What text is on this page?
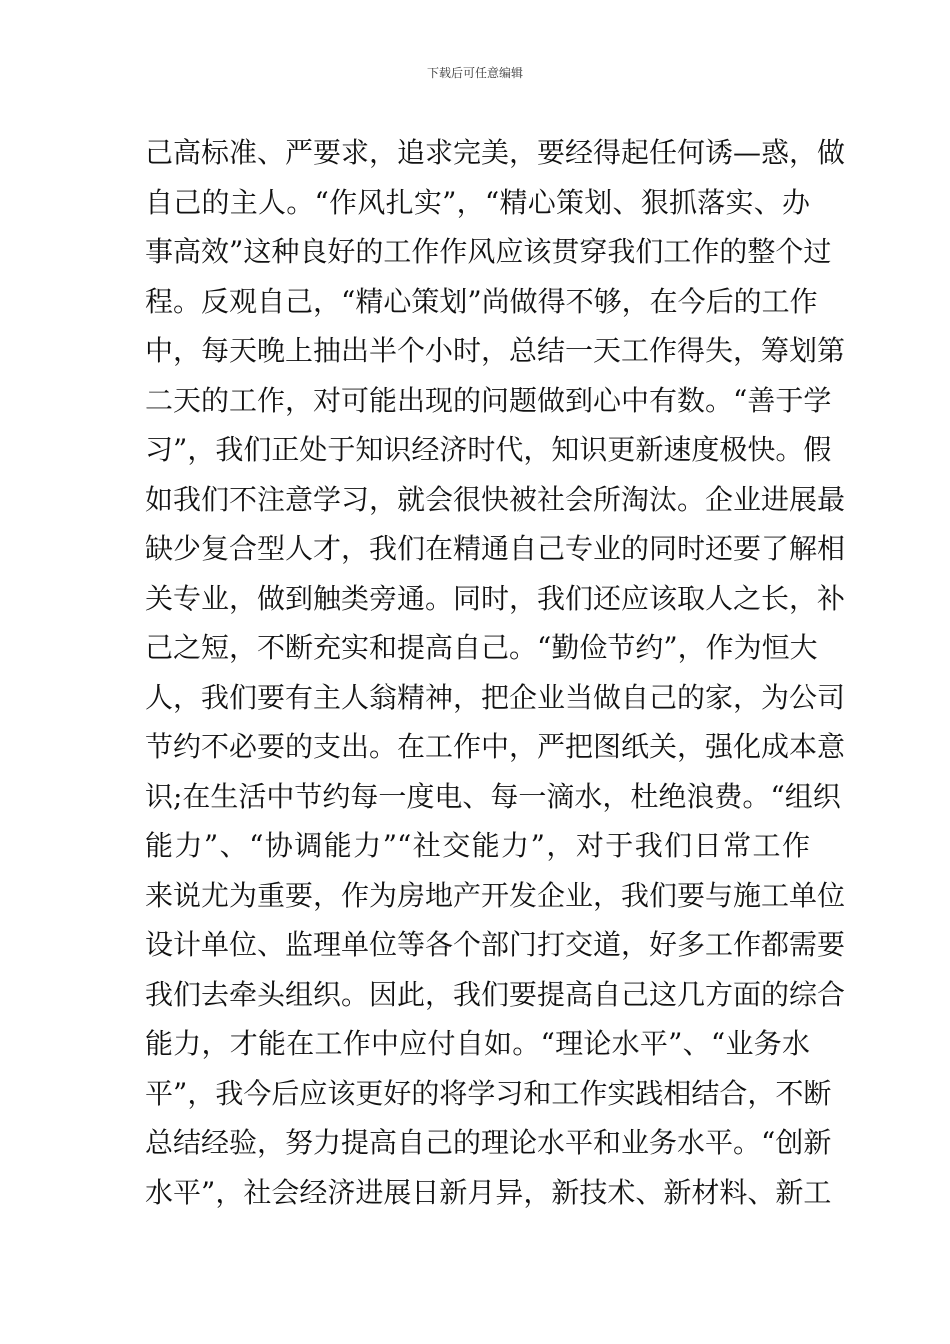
下载后可任意编辑
己高标准、严要求，追求完美，要经得起任何诱—惑，做
自己的主人。“作风扎实”，“精心策划、狠抓落实、办
事高效”这种良好的工作作风应该贯穿我们工作的整个过
程。反观自己，“精心策划”尚做得不够，在今后的工作
中，每天晚上抽出半个小时，总结一天工作得失，筹划第
二天的工作，对可能出现的问题做到心中有数。“善于学
习”，我们正处于知识经济时代，知识更新速度极快。假
如我们不注意学习，就会很快被社会所淘汰。企业进展最
缺少复合型人才，我们在精通自己专业的同时还要了解相
关专业，做到触类旁通。同时，我们还应该取人之长，补
己之短，不断充实和提高自己。“勤俭节约”，作为恒大
人，我们要有主人翁精神，把企业当做自己的家，为公司
节约不必要的支出。在工作中，严把图纸关，强化成本意
识;在生活中节约每一度电、每一滴水，杜绝浪费。“组织
能力”、“协调能力”“社交能力”，对于我们日常工作
来说尤为重要，作为房地产开发企业，我们要与施工单位
设计单位、监理单位等各个部门打交道，好多工作都需要
我们去牵头组织。因此，我们要提高自己这几方面的综合
能力，才能在工作中应付自如。“理论水平”、“业务水
平”，我今后应该更好的将学习和工作实践相结合，不断
总结经验，努力提高自己的理论水平和业务水平。“创新
水平”，社会经济进展日新月异，新技术、新材料、新工
